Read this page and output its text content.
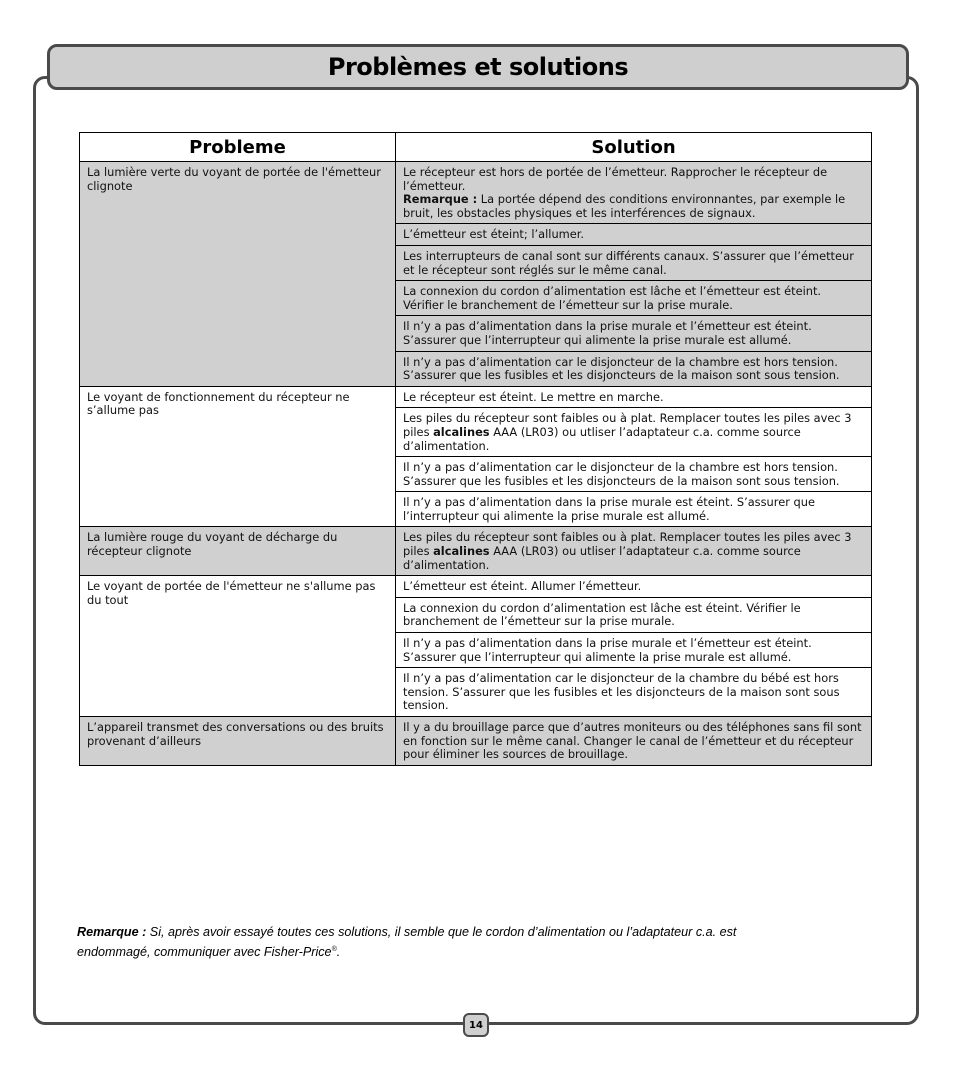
Problèmes et solutions
Probleme	Solution
La lumière verte du voyant de portée de l'émetteur clignote	Le récepteur est hors de portée de l’émetteur. Rapprocher le récepteur de l’émetteur.
Remarque : La portée dépend des conditions environnantes, par exemple le bruit, les obstacles physiques et les interférences de signaux.
	L’émetteur est éteint; l’allumer.
	Les interrupteurs de canal sont sur différents canaux. S’assurer que l’émetteur et le récepteur sont réglés sur le même canal.
	La connexion du cordon d’alimentation est lâche et l’émetteur est éteint. Vérifier le branchement de l’émetteur sur la prise murale.
	Il n’y a pas d’alimentation dans la prise murale et l’émetteur est éteint. S’assurer que l’interrupteur qui alimente la prise murale est allumé.
	Il n’y a pas d’alimentation car le disjoncteur de la chambre est hors tension. S’assurer que les fusibles et les disjoncteurs de la maison sont sous tension.
Le voyant de fonctionnement du récepteur ne s’allume pas	Le récepteur est éteint. Le mettre en marche.
	Les piles du récepteur sont faibles ou à plat. Remplacer toutes les piles avec 3 piles alcalines AAA (LR03) ou utliser l’adaptateur c.a. comme source d’alimentation.
	Il n’y a pas d’alimentation car le disjoncteur de la chambre est hors tension. S’assurer que les fusibles et les disjoncteurs de la maison sont sous tension.
	Il n’y a pas d’alimentation dans la prise murale est éteint. S’assurer que l’interrupteur qui alimente la prise murale est allumé.
La lumière rouge du voyant de décharge du récepteur clignote	Les piles du récepteur sont faibles ou à plat. Remplacer toutes les piles avec 3 piles alcalines AAA (LR03) ou utliser l’adaptateur c.a. comme source d’alimentation.
Le voyant de portée de l'émetteur ne s'allume pas du tout	L’émetteur est éteint. Allumer l’émetteur.
	La connexion du cordon d’alimentation est lâche est éteint. Vérifier le branchement de l’émetteur sur la prise murale.
	Il n’y a pas d’alimentation dans la prise murale et l’émetteur est éteint. S’assurer que l’interrupteur qui alimente la prise murale est allumé.
	Il n’y a pas d’alimentation car le disjoncteur de la chambre du bébé est hors tension. S’assurer que les fusibles et les disjoncteurs de la maison sont sous tension.
L’appareil transmet des conversations ou des bruits provenant d’ailleurs	Il y a du brouillage parce que d’autres moniteurs ou des téléphones sans fil sont en fonction sur le même canal. Changer le canal de l’émetteur et du récepteur pour éliminer les sources de brouillage.
Remarque : Si, après avoir essayé toutes ces solutions, il semble que le cordon d’alimentation ou l’adaptateur c.a. est endommagé, communiquer avec Fisher-Price®.
14
